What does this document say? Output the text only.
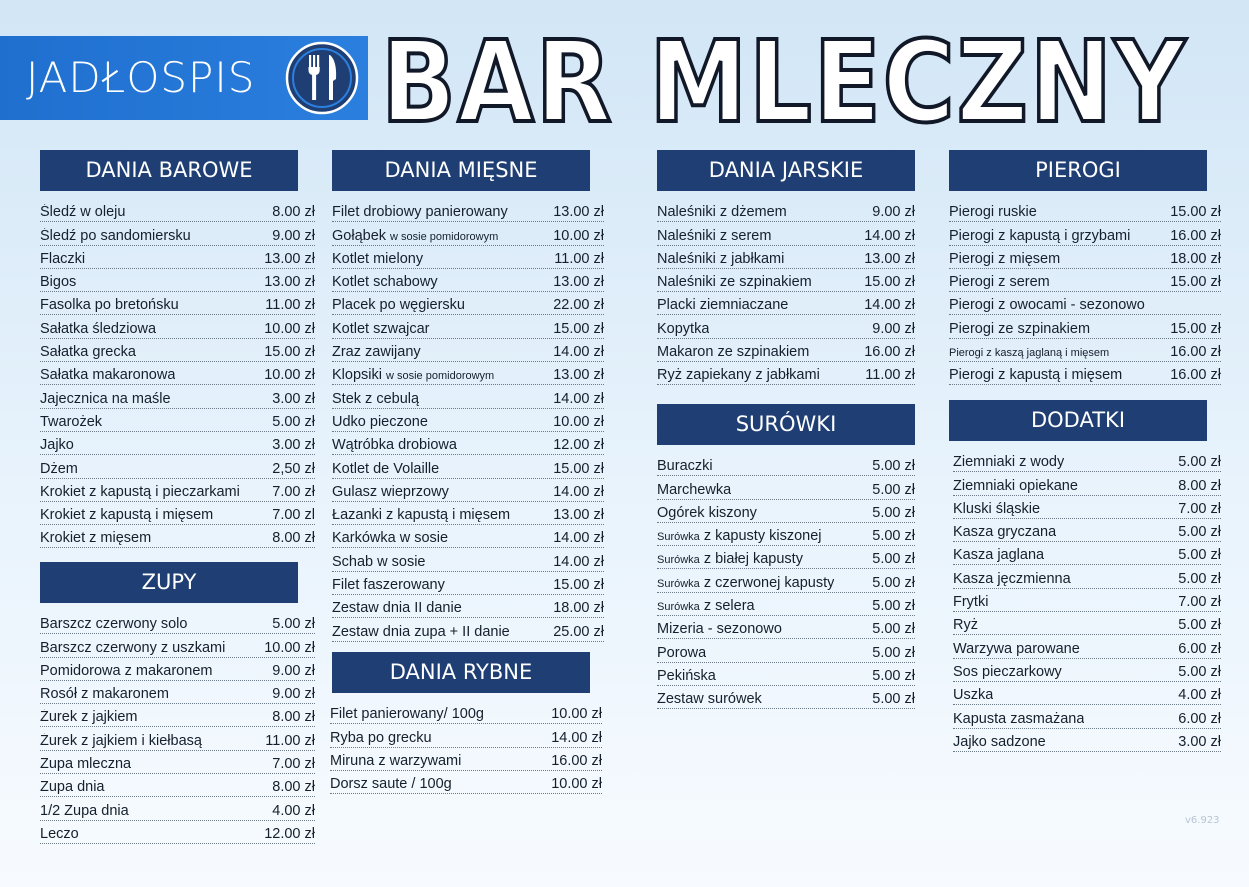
JADŁOSPIS BAR MLECZNY
DANIA BAROWE
Śledź w oleju	8.00 zł
Śledź po sandomiersku	9.00 zł
Flaczki	13.00 zł
Bigos	13.00 zł
Fasolka po bretońsku	11.00 zł
Sałatka śledziowa	10.00 zł
Sałatka grecka	15.00 zł
Sałatka makaronowa	10.00 zł
Jajecznica na maśle	3.00 zł
Twarożek	5.00 zł
Jajko	3.00 zł
Dżem	2,50 zł
Krokiet z kapustą i pieczarkami 7.00 zł
Krokiet z kapustą i mięsem	7.00 zl
Krokiet z mięsem	8.00 zł
ZUPY
Barszcz czerwony solo	5.00 zł
Barszcz czerwony z uszkami	10.00 zł
Pomidorowa z makaronem	9.00 zł
Rosół z makaronem	9.00 zł
Żurek z jajkiem	8.00 zł
Żurek z jajkiem i kiełbasą	11.00 zł
Zupa mleczna	7.00 zł
Zupa dnia	8.00 zł
1/2 Zupa dnia	4.00 zł
Leczo	12.00 zł
DANIA MIĘSNE
Filet drobiowy panierowany	13.00 zł
Gołąbek w sosie pomidorowym	10.00 zł
Kotlet mielony	11.00 zł
Kotlet schabowy	13.00 zł
Placek po węgiersku	22.00 zł
Kotlet szwajcar	15.00 zł
Zraz zawijany	14.00 zł
Klopsiki w sosie pomidorowym	13.00 zł
Stek z cebulą	14.00 zł
Udko pieczone	10.00 zł
Wątróbka drobiowa	12.00 zł
Kotlet de Volaille	15.00 zł
Gulasz wieprzowy	14.00 zł
Łazanki z kapustą i mięsem	13.00 zł
Karkówka w sosie	14.00 zł
Schab w sosie	14.00 zł
Filet faszerowany	15.00 zł
Zestaw dnia II danie	18.00 zł
Zestaw dnia zupa + II danie	25.00 zł
DANIA RYBNE
Filet panierowany/ 100g	10.00 zł
Ryba po grecku	14.00 zł
Miruna z warzywami	16.00 zł
Dorsz saute / 100g	10.00 zł
DANIA JARSKIE
Naleśniki z dżemem	9.00 zł
Naleśniki z serem	14.00 zł
Naleśniki z jabłkami	13.00 zł
Naleśniki ze szpinakiem	15.00 zł
Placki ziemniaczane	14.00 zł
Kopytka	9.00 zł
Makaron ze szpinakiem	16.00 zł
Ryż zapiekany z jabłkami	11.00 zł
SURÓWKI
Buraczki	5.00 zł
Marchewka	5.00 zł
Ogórek kiszony	5.00 zł
Surówka z kapusty kiszonej	5.00 zł
Surówka z białej kapusty	5.00 zł
Surówka z czerwonej kapusty	5.00 zł
Surówka z selera	5.00 zł
Mizeria - sezonowo	5.00 zł
Porowa	5.00 zł
Pekińska	5.00 zł
Zestaw surówek	5.00 zł
PIEROGI
Pierogi ruskie	15.00 zł
Pierogi z kapustą i grzybami	16.00 zł
Pierogi z mięsem	18.00 zł
Pierogi z serem	15.00 zł
Pierogi z owocami - sezonowo
Pierogi ze szpinakiem	15.00 zł
Pierogi z kaszą jaglaną i mięsem	16.00 zł
Pierogi z kapustą i mięsem	16.00 zł
DODATKI
Ziemniaki z wody	5.00 zł
Ziemniaki opiekane	8.00 zł
Kluski śląskie	7.00 zł
Kasza gryczana	5.00 zł
Kasza jaglana	5.00 zł
Kasza jęczmienna	5.00 zł
Frytki	7.00 zł
Ryż	5.00 zł
Warzywa parowane	6.00 zł
Sos pieczarkowy	5.00 zł
Uszka	4.00 zł
Kapusta zasmażana	6.00 zł
Jajko sadzone	3.00 zł
v6.923
